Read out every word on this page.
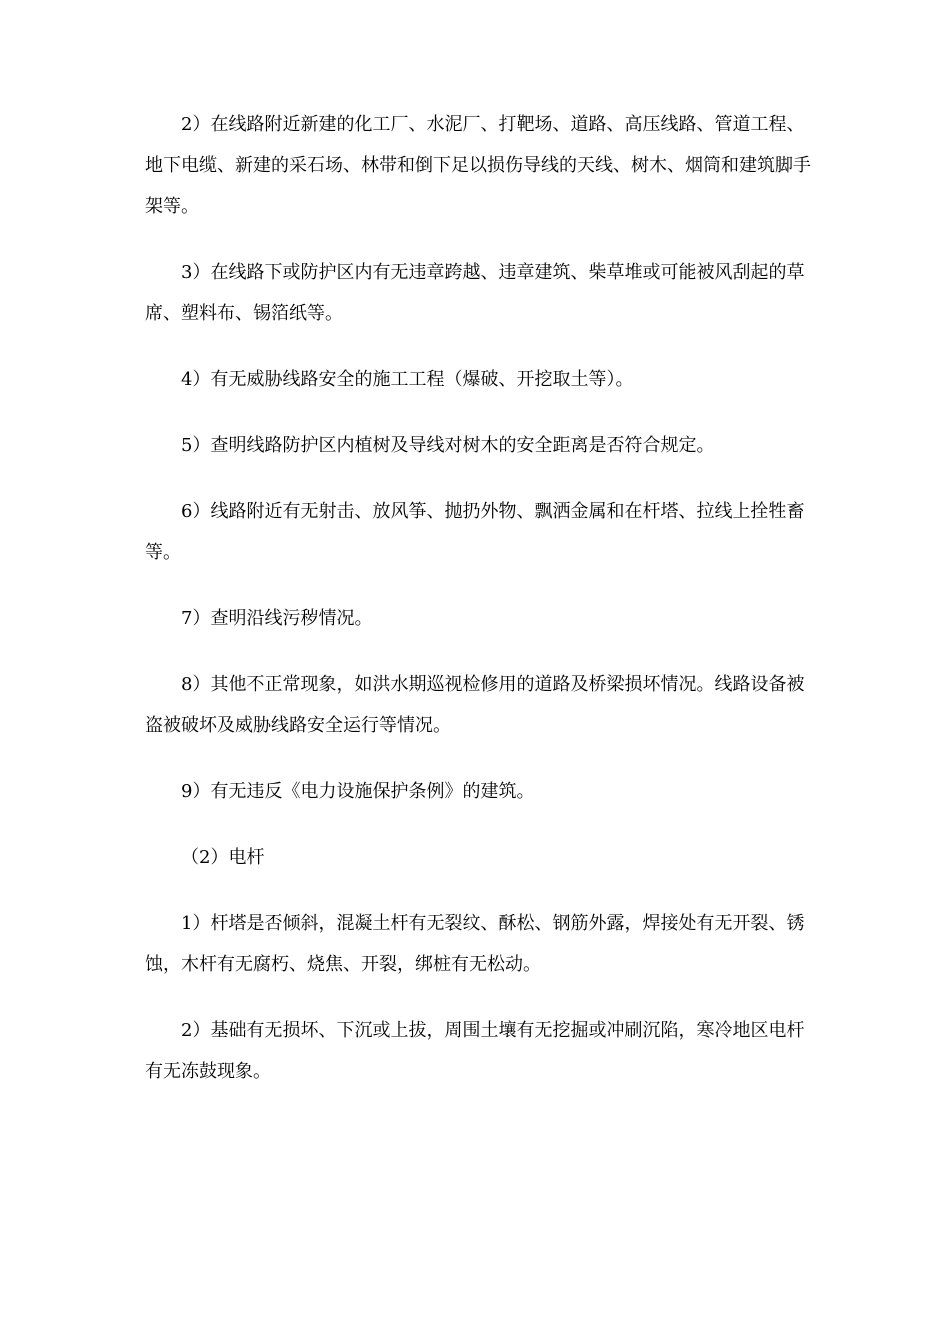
2）在线路附近新建的化工厂、水泥厂、打靶场、道路、高压线路、管道工程、地下电缆、新建的采石场、林带和倒下足以损伤导线的天线、树木、烟筒和建筑脚手架等。

3）在线路下或防护区内有无违章跨越、违章建筑、柴草堆或可能被风刮起的草席、塑料布、锡箔纸等。

4）有无威胁线路安全的施工工程（爆破、开挖取土等）。

5）查明线路防护区内植树及导线对树木的安全距离是否符合规定。

6）线路附近有无射击、放风筝、抛扔外物、飘洒金属和在杆塔、拉线上拴牲畜等。

7）查明沿线污秽情况。

8）其他不正常现象，如洪水期巡视检修用的道路及桥梁损坏情况。线路设备被盗被破坏及威胁线路安全运行等情况。

9）有无违反《电力设施保护条例》的建筑。

（2）电杆

1）杆塔是否倾斜，混凝土杆有无裂纹、酥松、钢筋外露，焊接处有无开裂、锈蚀，木杆有无腐朽、烧焦、开裂，绑桩有无松动。

2）基础有无损坏、下沉或上拔，周围土壤有无挖掘或冲刷沉陷，寒冷地区电杆有无冻鼓现象。
